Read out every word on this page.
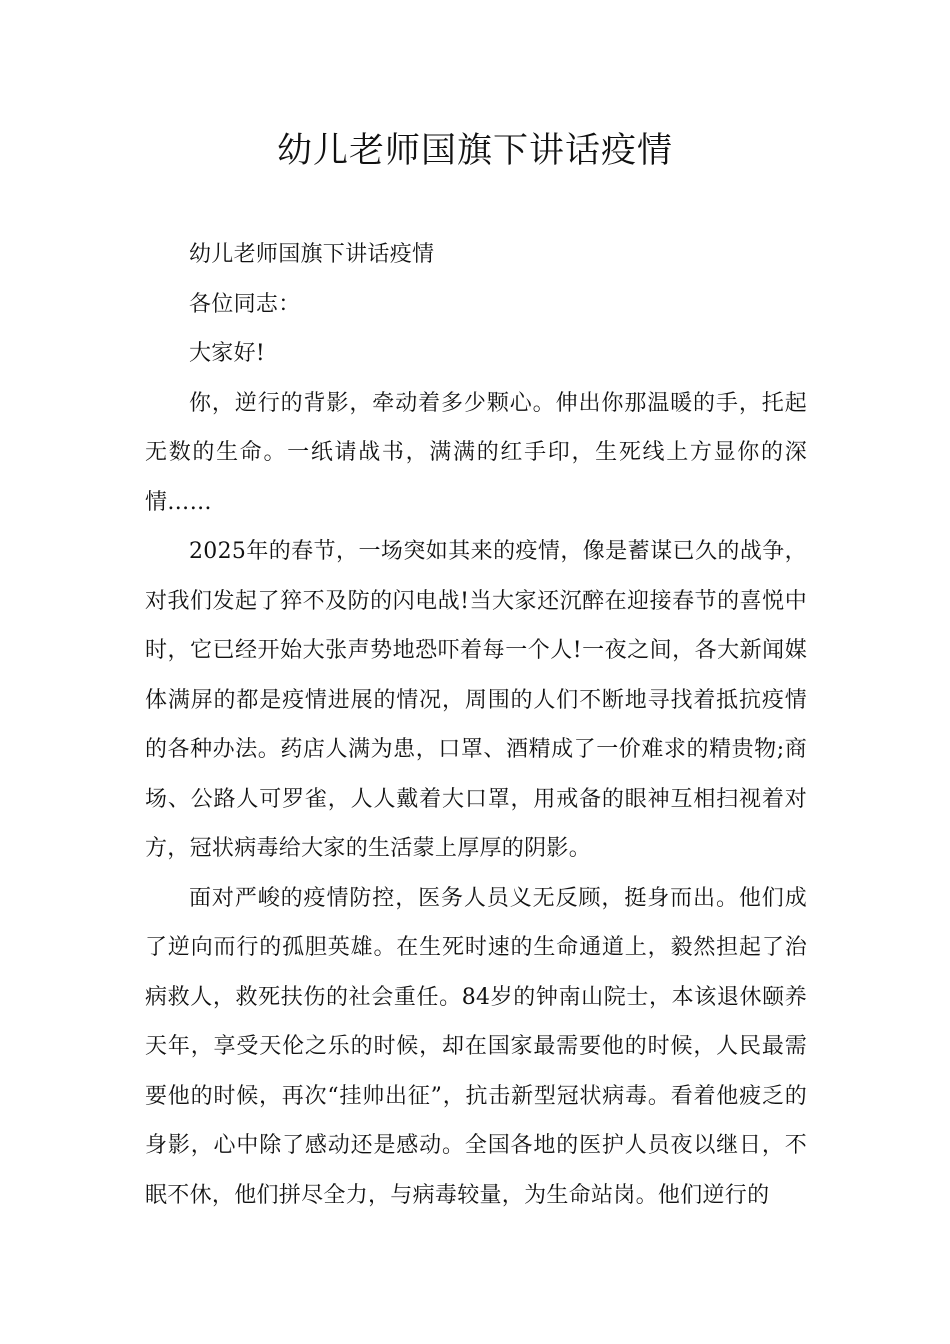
幼儿老师国旗下讲话疫情

幼儿老师国旗下讲话疫情

各位同志：

大家好!

你，逆行的背影，牵动着多少颗心。伸出你那温暖的手，托起无数的生命。一纸请战书，满满的红手印，生死线上方显你的深情……

2025年的春节，一场突如其来的疫情，像是蓄谋已久的战争，对我们发起了猝不及防的闪电战!当大家还沉醉在迎接春节的喜悦中时，它已经开始大张声势地恐吓着每一个人!一夜之间，各大新闻媒体满屏的都是疫情进展的情况，周围的人们不断地寻找着抵抗疫情的各种办法。药店人满为患，口罩、酒精成了一价难求的精贵物;商场、公路人可罗雀，人人戴着大口罩，用戒备的眼神互相扫视着对方，冠状病毒给大家的生活蒙上厚厚的阴影。

面对严峻的疫情防控，医务人员义无反顾，挺身而出。他们成了逆向而行的孤胆英雄。在生死时速的生命通道上，毅然担起了治病救人，救死扶伤的社会重任。84岁的钟南山院士，本该退休颐养天年，享受天伦之乐的时候，却在国家最需要他的时候，人民最需要他的时候，再次“挂帅出征”，抗击新型冠状病毒。看着他疲乏的身影，心中除了感动还是感动。全国各地的医护人员夜以继日，不眠不休，他们拼尽全力，与病毒较量，为生命站岗。他们逆行的
